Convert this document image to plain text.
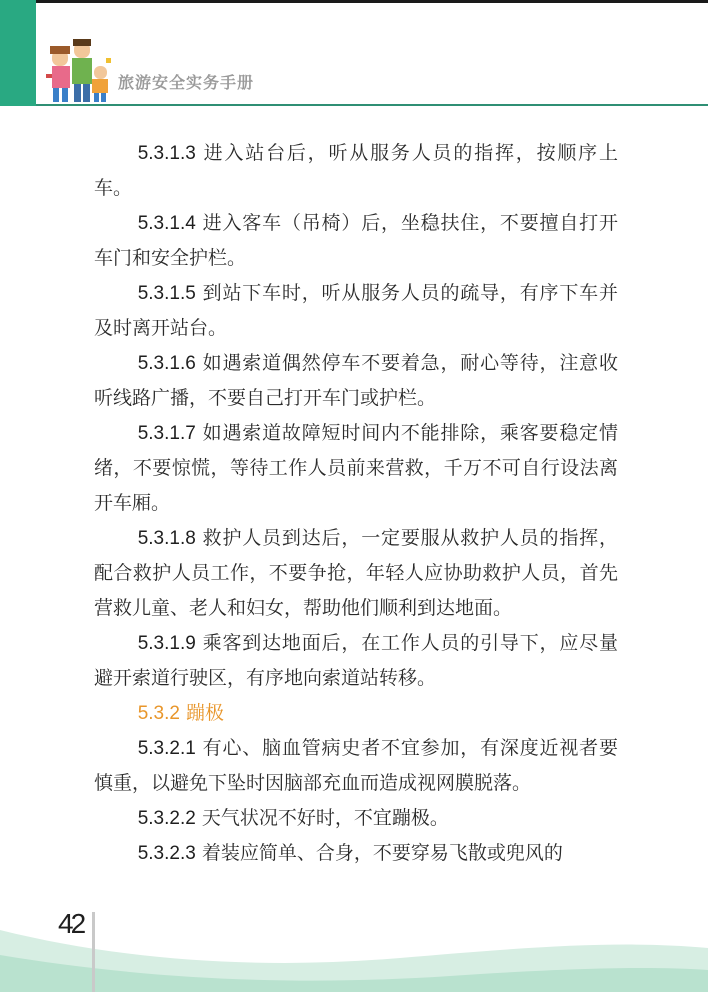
旅游安全实务手册

5.3.1.3 进入站台后，听从服务人员的指挥，按顺序上车。

5.3.1.4 进入客车（吊椅）后，坐稳扶住，不要擅自打开车门和安全护栏。

5.3.1.5 到站下车时，听从服务人员的疏导，有序下车并及时离开站台。

5.3.1.6 如遇索道偶然停车不要着急，耐心等待，注意收听线路广播，不要自己打开车门或护栏。

5.3.1.7 如遇索道故障短时间内不能排除，乘客要稳定情绪，不要惊慌，等待工作人员前来营救，千万不可自行设法离开车厢。

5.3.1.8 救护人员到达后，一定要服从救护人员的指挥，配合救护人员工作，不要争抢，年轻人应协助救护人员，首先营救儿童、老人和妇女，帮助他们顺利到达地面。

5.3.1.9 乘客到达地面后，在工作人员的引导下，应尽量避开索道行驶区，有序地向索道站转移。

5.3.2 蹦极

5.3.2.1 有心、脑血管病史者不宜参加，有深度近视者要慎重，以避免下坠时因脑部充血而造成视网膜脱落。

5.3.2.2 天气状况不好时，不宜蹦极。

5.3.2.3 着装应简单、合身，不要穿易飞散或兜风的

42
